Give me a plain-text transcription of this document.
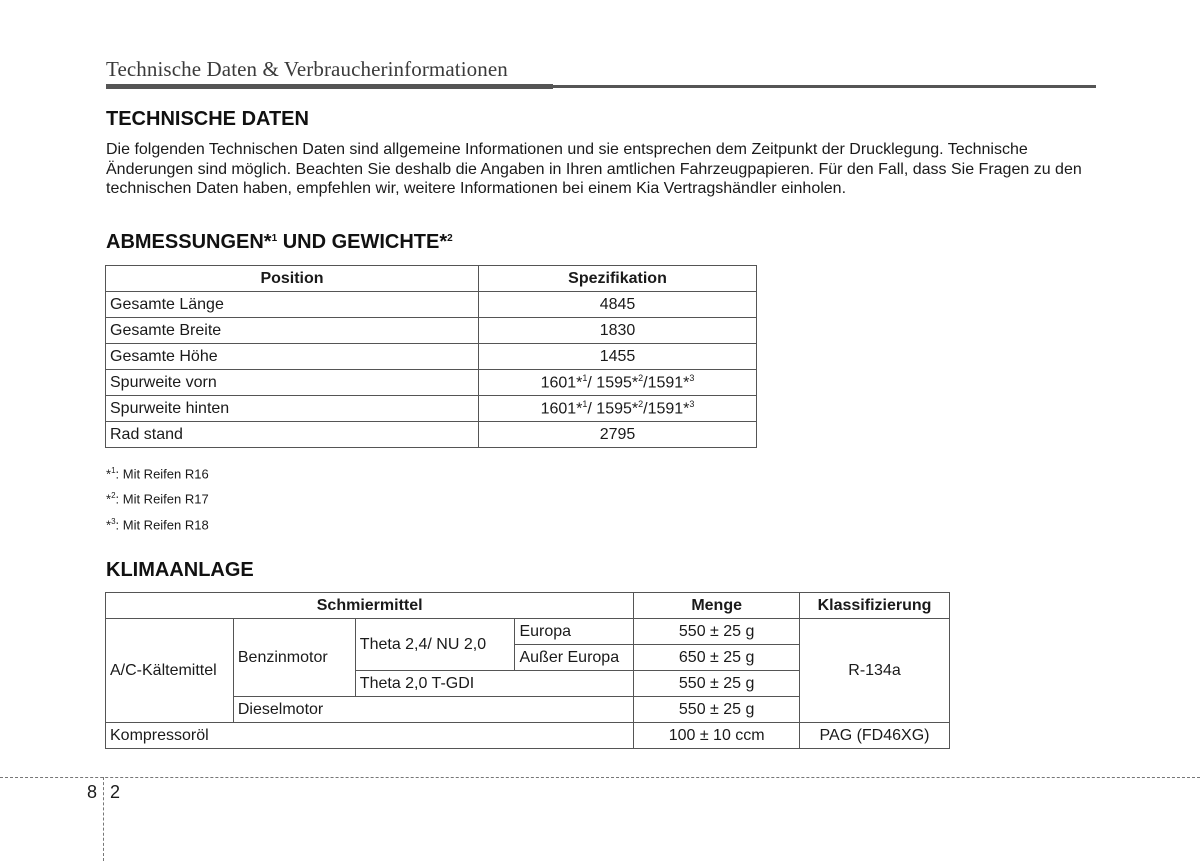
Technische Daten & Verbraucherinformationen
TECHNISCHE DATEN

Die folgenden Technischen Daten sind allgemeine Informationen und sie entsprechen dem Zeitpunkt der Drucklegung. Technische Änderungen sind möglich. Beachten Sie deshalb die Angaben in Ihren amtlichen Fahrzeugpapieren. Für den Fall, dass Sie Fragen zu den technischen Daten haben, empfehlen wir, weitere Informationen bei einem Kia Vertragshändler einholen.

ABMESSUNGEN*$^1$ UND GEWICHTE*$^2$
Position	Spezifikation
Gesamte Länge	4845
Gesamte Breite	1830
Gesamte Höhe	1455
Spurweite vorn	1601*$^1$/ 1595*$^2$/1591*$^3$
Spurweite hinten	1601*$^1$/ 1595*$^2$/1591*$^3$
Rad stand	2795
*$^1$: Mit Reifen R16
*$^2$: Mit Reifen R17
*$^3$: Mit Reifen R18
KLIMAANLAGE
Schmiermittel				Menge	Klassifizierung
A/C-Kältemittel	Benzinmotor	Theta 2,4/ NU 2,0	Europa	550 ± 25 g	R-134a
			Außer Europa	650 ± 25 g	
		Theta 2,0 T-GDI		550 ± 25 g	
	Dieselmotor			550 ± 25 g	
Kompressoröl				100 ± 10 ccm	PAG (FD46XG)
8 2
